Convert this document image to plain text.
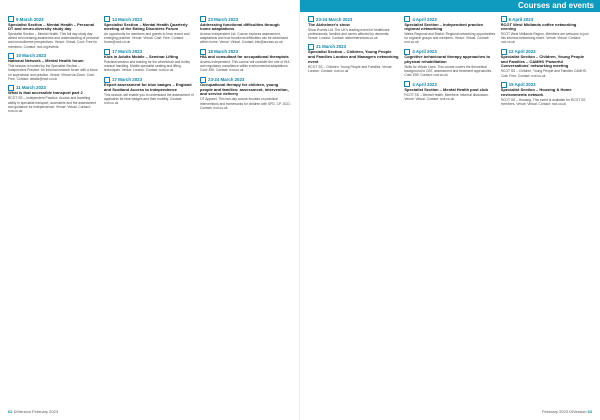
9 March 2023
Specialist Section – Mental Health – Personal DT and neuro-diversity study day
Specialist Section – Mental Health. This full day study day aimed at increasing awareness and understanding of personal and neurodiverse perspectives. Venue: Virtual. Cost: Free for members. Contact: rcot.org/events
10 March 2023
National Network – Mental Health forum
This session is hosted by the Specialist Section – Independent Practice. An informal network forum with a focus on supervision and practice. Venue: Virtual via Zoom. Cost: Free. Contact: details@rcot.co.uk
11 March 2023
What is that accessible transport part 2
RCOT SS – Independent Practice. Access and travelling ability in specialist transport, accessible and the assessment and guidance for independence. Venue: Virtual. Contact: rcot.co.uk
14 March 2023
Specialist Section – Mental Health Quarterly meeting of the Eating Disorders Forum
An opportunity for members and guests to hear recent and emerging practice. Venue: Virtual. Cost: Free. Contact: forum@rcot.co.uk
17 March 2023
Kids in Adults Mobile – Seminar Lifting
Practical session and training for the wheelchair and trolley manual handling. Mobile specialist seating and lifting techniques. Venue: London. Contact: rcot.co.uk
17 March 2023
Expert assessment for blue badges – England and Scotland Access to Independence
This session will enable you to understand the assessment of applicants for blue badges and their mobility. Contact: rcot.co.uk
23 March 2023
Addressing functional difficulties through home adaptations
Access Independent Ltd. Course explores assessment, adaptations and how functional difficulties can be addressed within home. Venue: Virtual. Contact: info@access.co.uk
18 March 2023
HIA and consultant for occupational therapists
Access Independent. This course will consider the role of HIA and regulatory compliance within environmental adaptations. Cost: £90. Contact: rcot.co.uk
23-24 March 2023
Occupational therapy for children, young people and families: assessment, intervention, and service delivery
OT Apparel. This two day course focuses on practical interventions and frameworks for children with SPD, CP, DCD. Contact: rcot.co.uk
62 DIVersion February 2023
Courses and events
23-24 March 2023
The Alzheimer's show
Show Events Ltd. The UK's leading event for healthcare professionals, families and carers affected by dementia. Venue: London. Contact: alzheimersshow.co.uk
31 March 2023
Specialist Section – Children, Young People and Families London and Managers networking event
RCOT SS – Children, Young People and Families. Venue: London. Contact: rcot.co.uk
4 April 2023
Specialist Section – Independent practice regional networking
Wales Regional and Bristol. Regional networking opportunities for regional groups and members. Venue: Virtual. Contact: rcot.co.uk
4 April 2023
Cognitive behavioural therapy approaches to physical rehabilitation
Skills for Whole Lives. This course covers the theoretical background to CBT, assessment and treatment approaches. Cost: £99. Contact: rcot.co.uk
4 April 2023
Specialist Section – Mental Health post club
RCOT SS – Mental Health. Members' informal discussion. Venue: Virtual. Contact: rcot.co.uk
6 April 2023
RCOT West Midlands coffee networking evening
RCOT West Midlands Region. Members are welcome to join this informal networking event. Venue: Virtual. Contact: rcot.co.uk
12 April 2023
Specialist Section – Children, Young People and Families – CAMHS 'Powerful Conversations' networking meeting
RCOT SS – Children, Young People and Families CAMHS. Cost: Free. Contact: rcot.co.uk
19 April 2023
Specialist Section – Housing & Home environments network
RCOT SS – Housing. This event is available for RCOT SS members. Venue: Virtual. Contact: rcot.co.uk
February 2023 DIVersion 63
